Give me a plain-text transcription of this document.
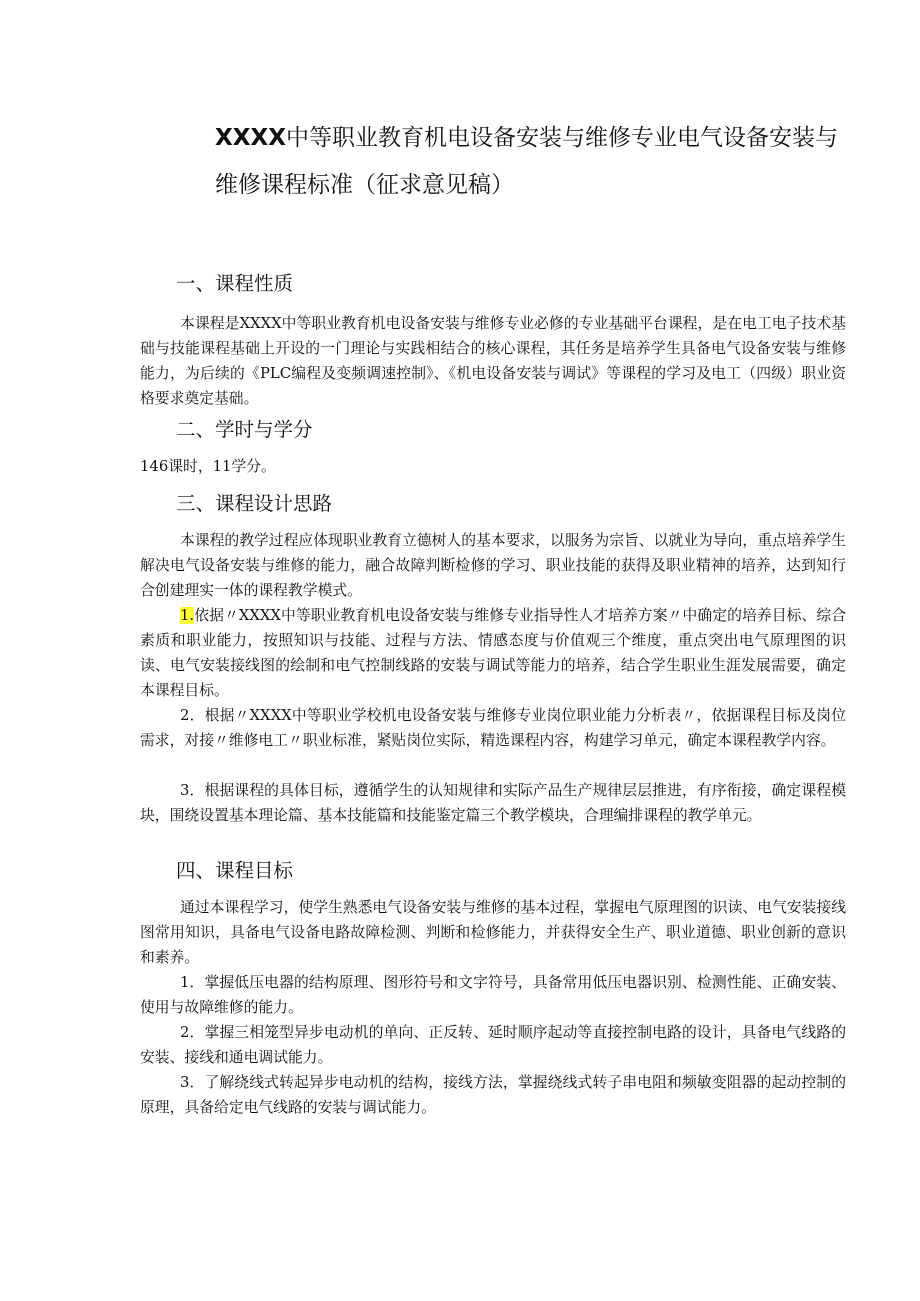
XXXX中等职业教育机电设备安装与维修专业电气设备安装与维修课程标准（征求意见稿）
一、课程性质

本课程是XXXX中等职业教育机电设备安装与维修专业必修的专业基础平台课程，是在电工电子技术基础与技能课程基础上开设的一门理论与实践相结合的核心课程，其任务是培养学生具备电气设备安装与维修能力，为后续的《PLC编程及变频调速控制》、《机电设备安装与调试》等课程的学习及电工（四级）职业资格要求奠定基础。

二、学时与学分

146课时，11学分。

三、课程设计思路

本课程的教学过程应体现职业教育立德树人的基本要求，以服务为宗旨、以就业为导向，重点培养学生解决电气设备安装与维修的能力，融合故障判断检修的学习、职业技能的获得及职业精神的培养，达到知行合创建理实一体的课程教学模式。

1.依据〃XXXX中等职业教育机电设备安装与维修专业指导性人才培养方案〃中确定的培养目标、综合素质和职业能力，按照知识与技能、过程与方法、情感态度与价值观三个维度，重点突出电气原理图的识读、电气安装接线图的绘制和电气控制线路的安装与调试等能力的培养，结合学生职业生涯发展需要，确定本课程目标。

2．根据〃XXXX中等职业学校机电设备安装与维修专业岗位职业能力分析表〃，依据课程目标及岗位需求，对接〃维修电工〃职业标准，紧贴岗位实际，精选课程内容，构建学习单元，确定本课程教学内容。

3．根据课程的具体目标，遵循学生的认知规律和实际产品生产规律层层推进，有序衔接，确定课程模块，围绕设置基本理论篇、基本技能篇和技能鉴定篇三个教学模块，合理编排课程的教学单元。

四、课程目标

通过本课程学习，使学生熟悉电气设备安装与维修的基本过程，掌握电气原理图的识读、电气安装接线图常用知识，具备电气设备电路故障检测、判断和检修能力，并获得安全生产、职业道德、职业创新的意识和素养。

1．掌握低压电器的结构原理、图形符号和文字符号，具备常用低压电器识别、检测性能、正确安装、使用与故障维修的能力。

2．掌握三相笼型异步电动机的单向、正反转、延时顺序起动等直接控制电路的设计，具备电气线路的安装、接线和通电调试能力。

3．了解绕线式转起异步电动机的结构，接线方法，掌握绕线式转子串电阻和频敏变阻器的起动控制的原理，具备给定电气线路的安装与调试能力。
